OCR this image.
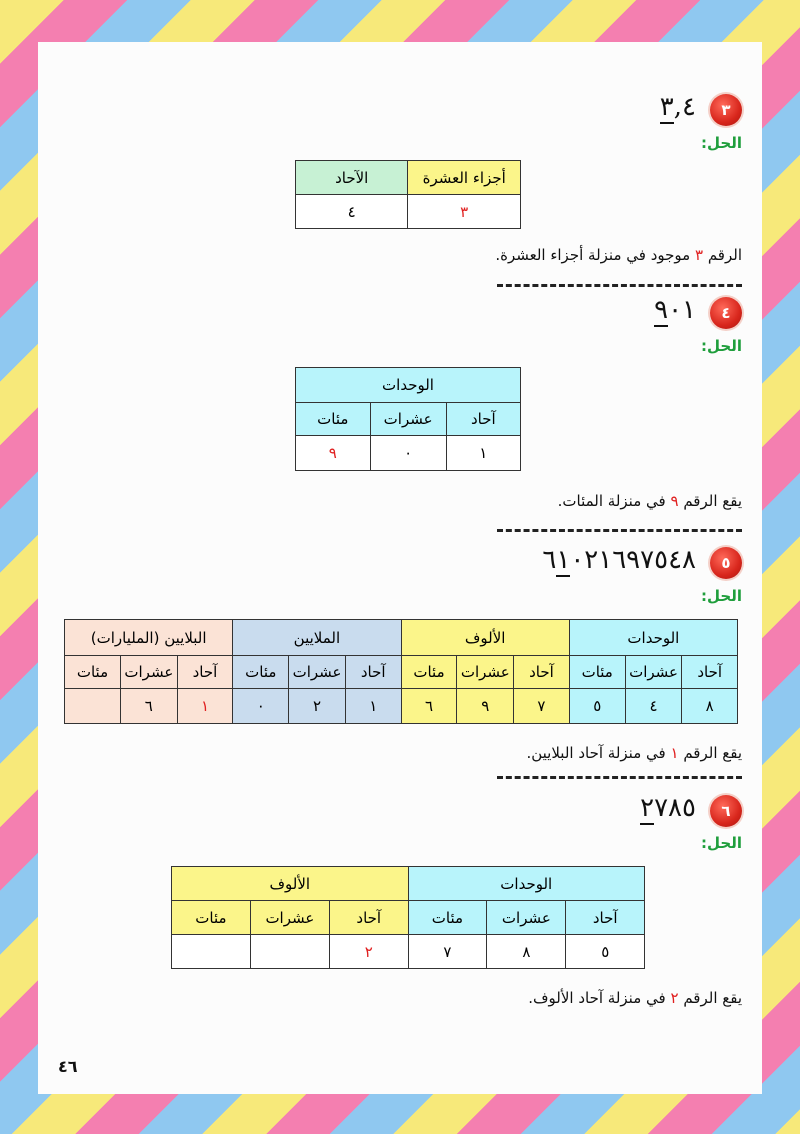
٣
٣,٤
الحل:
أجزاء العشرة	الآحاد
٣	٤
الرقم ٣ موجود في منزلة أجزاء العشرة.
٤
٩٠١
الحل:
الوحدات		
آحاد	عشرات	مئات
١	٠	٩
يقع الرقم ٩ في منزلة المئات.
٥
٦١٠٢١٦٩٧٥٤٨
الحل:
الوحدات			الألوف			الملايين			البلايين (المليارات)		
آحاد	عشرات	مئات	آحاد	عشرات	مئات	آحاد	عشرات	مئات	آحاد	عشرات	مئات
٨	٤	٥	٧	٩	٦	١	٢	٠	١	٦	
يقع الرقم ١ في منزلة آحاد البلايين.
٦
٢٧٨٥
الحل:
الوحدات			الألوف		
آحاد	عشرات	مئات	آحاد	عشرات	مئات
٥	٨	٧	٢		
يقع الرقم ٢ في منزلة آحاد الألوف.
٤٦
